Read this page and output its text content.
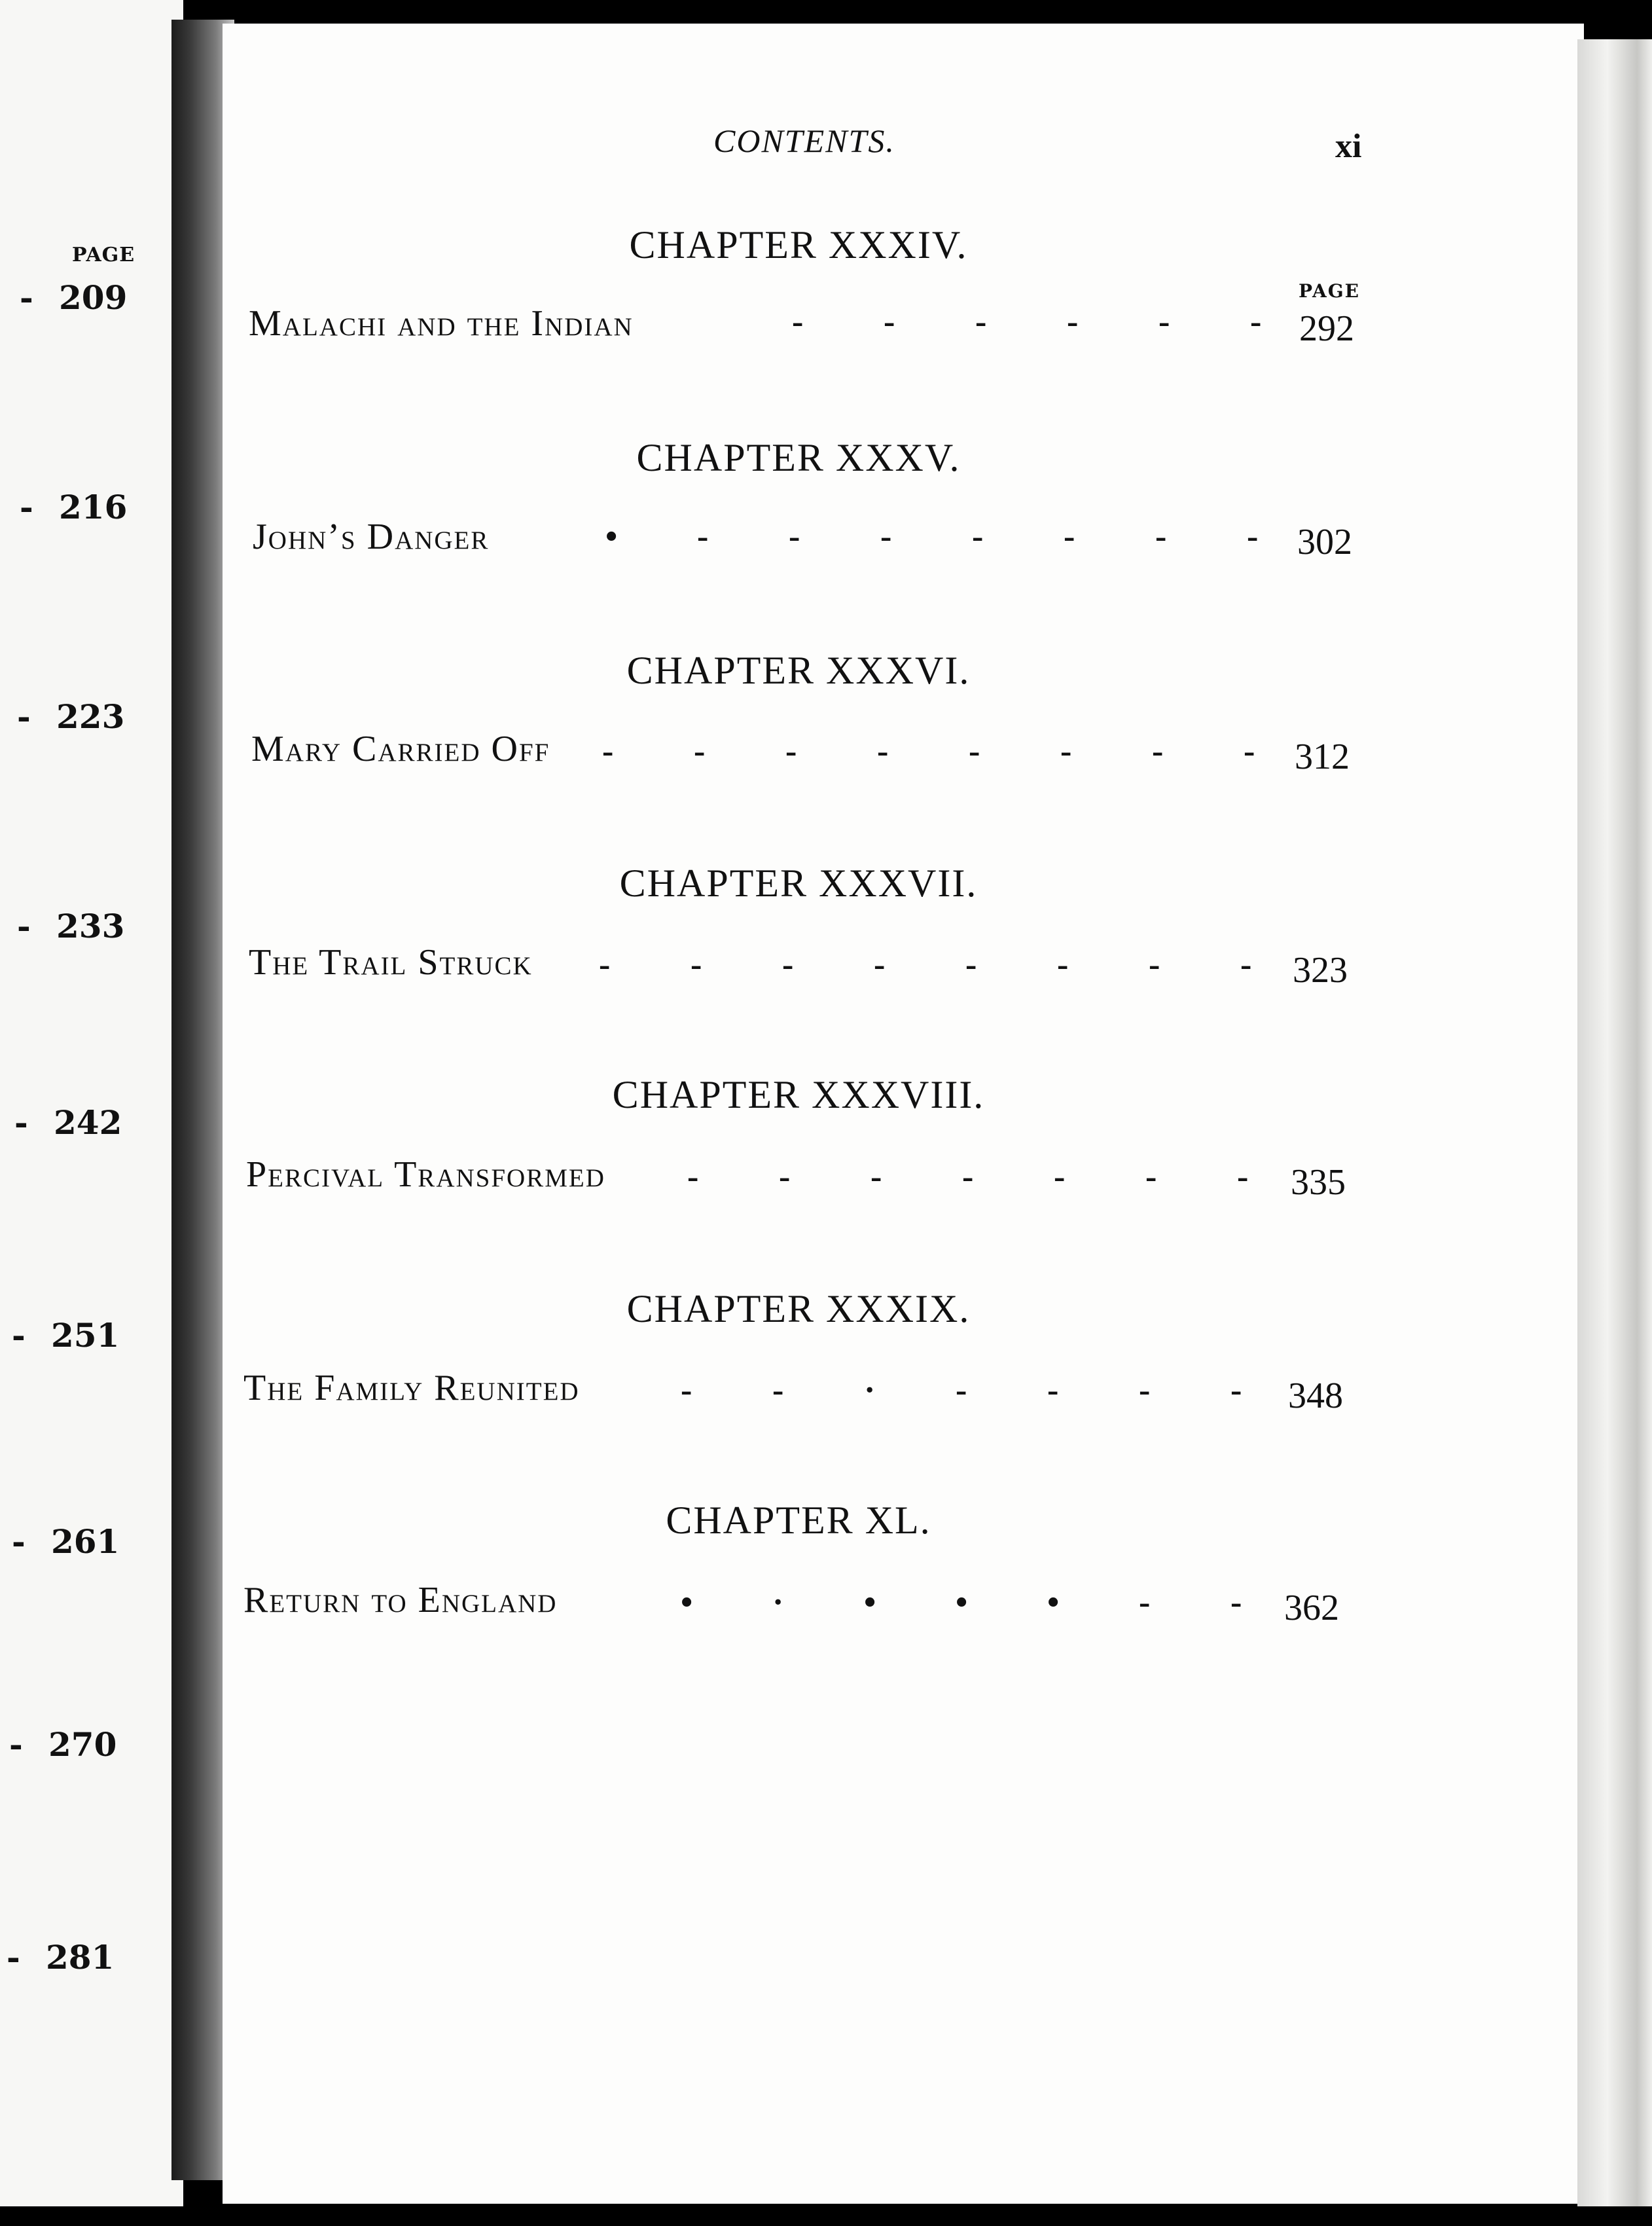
PAGE
- 209
- 216
- 223
- 233
- 242
- 251
- 261
- 270
- 281
CONTENTS.	xi
PAGE
CHAPTER XXXIV.
Malachi and the Indian	- - - - - -	292
CHAPTER XXXV.
John’s Danger	• - - - - - - -	302
CHAPTER XXXVI.
Mary Carried Off - - - - - - - -	312
CHAPTER XXXVII.
The Trail Struck - - - - - - - -	323
CHAPTER XXXVIII.
Percival Transformed - - - - - - -	335
CHAPTER XXXIX.
The Family Reunited	- - · - - - -	348
CHAPTER XL.
Return to England	• · • • • - -	362
